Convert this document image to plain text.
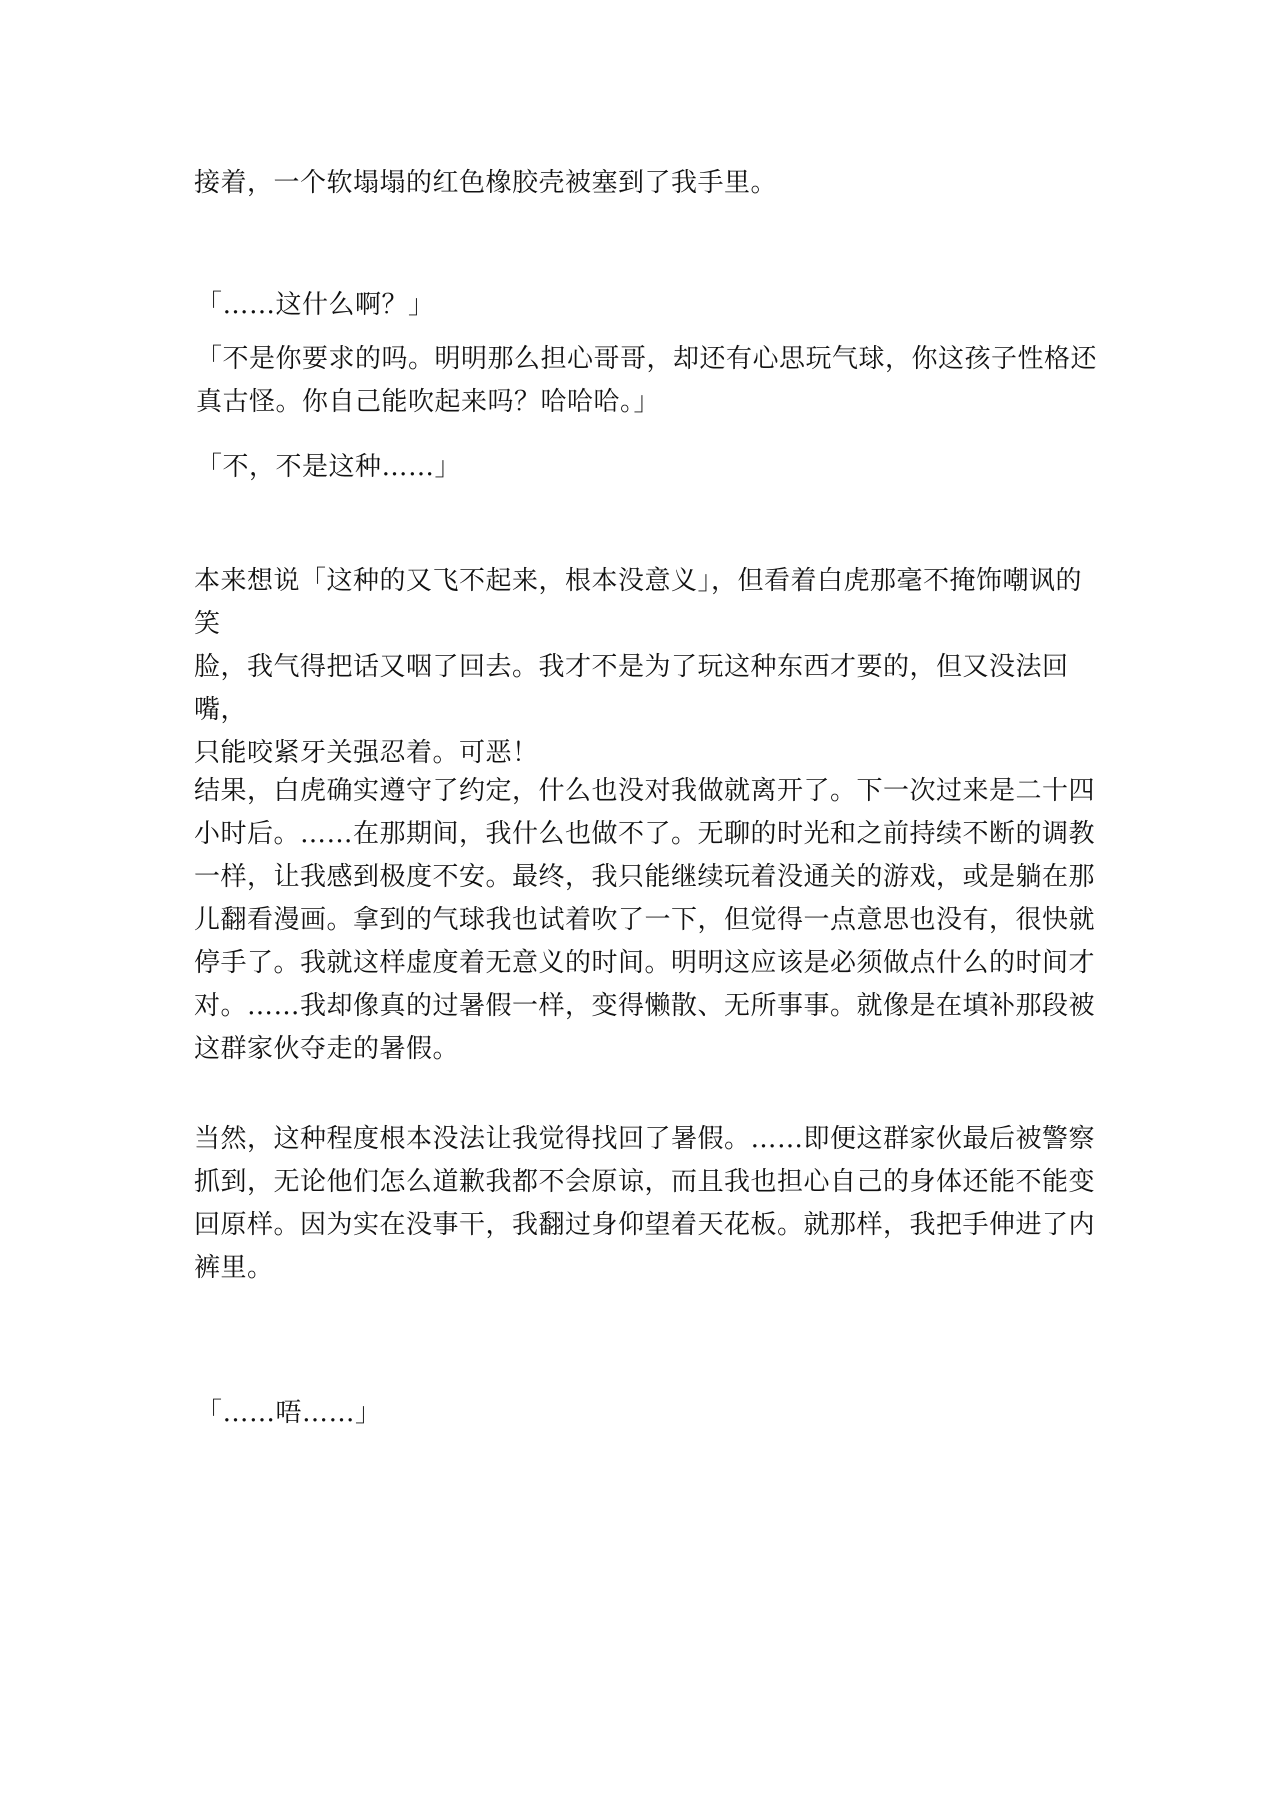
接着，一个软塌塌的红色橡胶壳被塞到了我手里。

「……这什么啊？」

「不是你要求的吗。明明那么担心哥哥，却还有心思玩气球，你这孩子性格还
真古怪。你自己能吹起来吗？哈哈哈。」

「不，不是这种……」

本来想说「这种的又飞不起来，根本没意义」，但看着白虎那毫不掩饰嘲讽的笑
脸，我气得把话又咽了回去。我才不是为了玩这种东西才要的，但又没法回嘴，
只能咬紧牙关强忍着。可恶！

结果，白虎确实遵守了约定，什么也没对我做就离开了。下一次过来是二十四
小时后。……在那期间，我什么也做不了。无聊的时光和之前持续不断的调教
一样，让我感到极度不安。最终，我只能继续玩着没通关的游戏，或是躺在那
儿翻看漫画。拿到的气球我也试着吹了一下，但觉得一点意思也没有，很快就
停手了。我就这样虚度着无意义的时间。明明这应该是必须做点什么的时间才
对。……我却像真的过暑假一样，变得懒散、无所事事。就像是在填补那段被
这群家伙夺走的暑假。

当然，这种程度根本没法让我觉得找回了暑假。……即便这群家伙最后被警察
抓到，无论他们怎么道歉我都不会原谅，而且我也担心自己的身体还能不能变
回原样。因为实在没事干，我翻过身仰望着天花板。就那样，我把手伸进了内
裤里。

「……唔……」
